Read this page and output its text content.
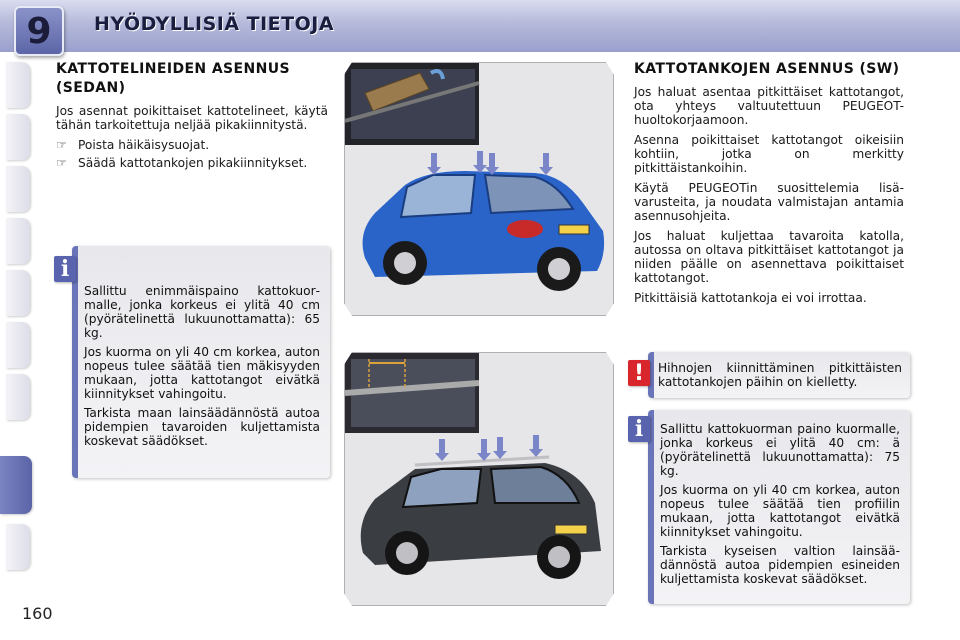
9 HYÖDYLLISIÄ TIETOJA
KATTOTELINEIDEN ASENNUS (SEDAN)

Jos asennat poikittaiset kattotelineet, käytä tähän tarkoitettuja neljää pikakiinnitystä.

☞ Poista häikäisysuojat.
☞ Säädä kattotankojen pikakiinnitykset.

Sallittu enimmäispaino kattokuormalle, jonka korkeus ei ylitä 40 cm (pyörätelinettä lukuunottamatta): 65 kg.

Jos kuorma on yli 40 cm korkea, auton nopeus tulee säätää tien mäkisyyden mukaan, jotta kattotangot eivätkä kiinnitykset vahingoitu.

Tarkista maan lainsäädännöstä autoa pidempien tavaroiden kuljettamista koskevat säädökset.

i
KATTOTANKOJEN ASENNUS (SW)

Jos haluat asentaa pitkittäiset kattotangot, ota yhteys valtuutettuun PEUGEOT-huoltokorjaamoon.

Asenna poikittaiset kattotangot oikeisiin kohtiin, jotka on merkitty pitkittäistankoihin.

Käytä PEUGEOTin suosittelemia lisävarusteita, ja noudata valmistajan antamia asennusohjeita.

Jos haluat kuljettaa tavaroita katolla, autossa on oltava pitkittäiset kattotangot ja niiden päälle on asennettava poikittaiset kattotangot.

Pitkittäisiä kattotankoja ei voi irrottaa.

Hihnojen kiinnittäminen pitkittäisten kattotankojen päihin on kielletty.

!

Sallittu kattokuorman paino kuormalle, jonka korkeus ei ylitä 40 cm: ä (pyörätelinettä lukuunottamatta): 75 kg.

Jos kuorma on yli 40 cm korkea, auton nopeus tulee säätää tien profiilin mukaan, jotta kattotangot eivätkä kiinnitykset vahingoitu.

Tarkista kyseisen valtion lainsäädännöstä autoa pidempien esineiden kuljettamista koskevat säädökset.

i
160
